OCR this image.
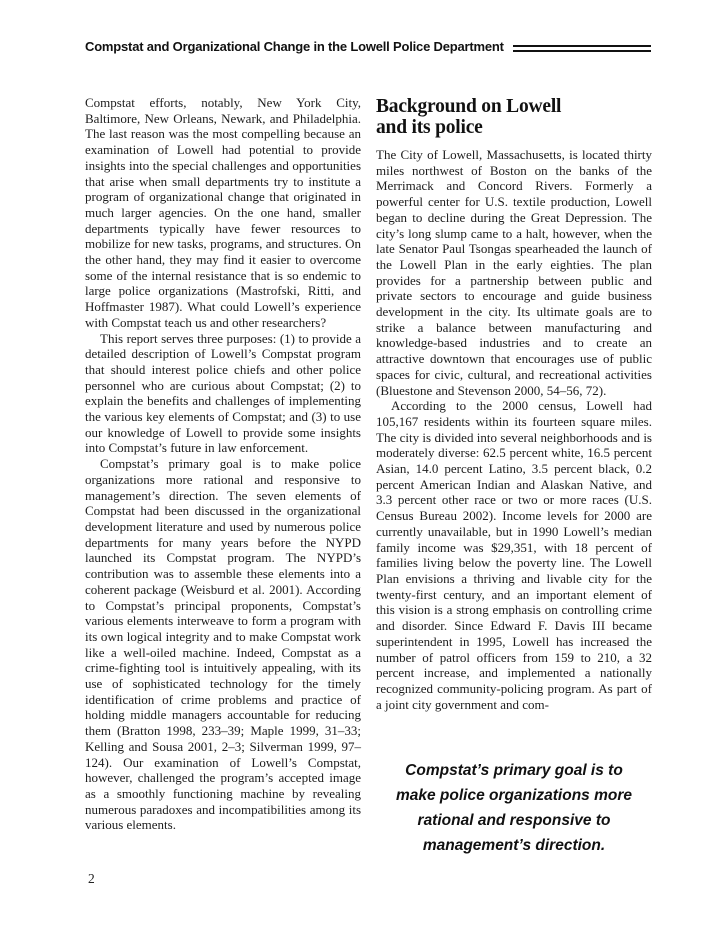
Compstat and Organizational Change in the Lowell Police Department

Compstat efforts, notably, New York City, Baltimore, New Orleans, Newark, and Philadelphia. The last reason was the most compelling because an examination of Lowell had potential to provide insights into the special challenges and opportunities that arise when small departments try to institute a program of organizational change that originated in much larger agencies. On the one hand, smaller departments typically have fewer resources to mobilize for new tasks, programs, and structures. On the other hand, they may find it easier to overcome some of the internal resistance that is so endemic to large police organizations (Mastrofski, Ritti, and Hoffmaster 1987). What could Lowell’s experience with Compstat teach us and other researchers?

This report serves three purposes: (1) to provide a detailed description of Lowell’s Compstat program that should interest police chiefs and other police personnel who are curious about Compstat; (2) to explain the benefits and challenges of implementing the various key elements of Compstat; and (3) to use our knowledge of Lowell to provide some insights into Compstat’s future in law enforcement.

Compstat’s primary goal is to make police organizations more rational and responsive to management’s direction. The seven elements of Compstat had been discussed in the organizational development literature and used by numerous police departments for many years before the NYPD launched its Compstat program. The NYPD’s contribution was to assemble these elements into a coherent package (Weisburd et al. 2001). According to Compstat’s principal proponents, Compstat’s various elements interweave to form a program with its own logical integrity and to make Compstat work like a well-oiled machine. Indeed, Compstat as a crime-fighting tool is intuitively appealing, with its use of sophisticated technology for the timely identification of crime problems and practice of holding middle managers accountable for reducing them (Bratton 1998, 233–39; Maple 1999, 31–33; Kelling and Sousa 2001, 2–3; Silverman 1999, 97–124). Our examination of Lowell’s Compstat, however, challenged the program’s accepted image as a smoothly functioning machine by revealing numerous paradoxes and incompatibilities among its various elements.

Background on Lowell
and its police

The City of Lowell, Massachusetts, is located thirty miles northwest of Boston on the banks of the Merrimack and Concord Rivers. Formerly a powerful center for U.S. textile production, Lowell began to decline during the Great Depression. The city’s long slump came to a halt, however, when the late Senator Paul Tsongas spearheaded the launch of the Lowell Plan in the early eighties. The plan provides for a partnership between public and private sectors to encourage and guide business development in the city. Its ultimate goals are to strike a balance between manufacturing and knowledge-based industries and to create an attractive downtown that encourages use of public spaces for civic, cultural, and recreational activities (Bluestone and Stevenson 2000, 54–56, 72).

According to the 2000 census, Lowell had 105,167 residents within its fourteen square miles. The city is divided into several neighborhoods and is moderately diverse: 62.5 percent white, 16.5 percent Asian, 14.0 percent Latino, 3.5 percent black, 0.2 percent American Indian and Alaskan Native, and 3.3 percent other race or two or more races (U.S. Census Bureau 2002). Income levels for 2000 are currently unavailable, but in 1990 Lowell’s median family income was $29,351, with 18 percent of families living below the poverty line. The Lowell Plan envisions a thriving and livable city for the twenty-first century, and an important element of this vision is a strong emphasis on controlling crime and disorder. Since Edward F. Davis III became superintendent in 1995, Lowell has increased the number of patrol officers from 159 to 210, a 32 percent increase, and implemented a nationally recognized community-policing program. As part of a joint city government and com-

Compstat’s primary goal is to make police organizations more rational and responsive to management’s direction.
2
